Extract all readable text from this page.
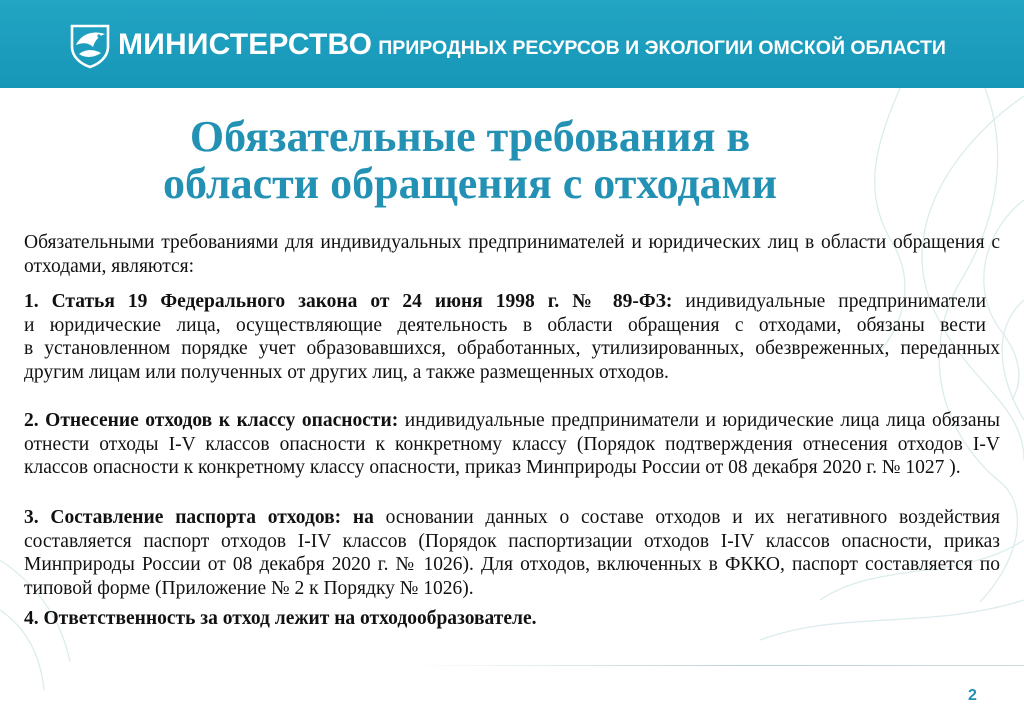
МИНИСТЕРСТВО ПРИРОДНЫХ РЕСУРСОВ И ЭКОЛОГИИ ОМСКОЙ ОБЛАСТИ
Обязательные требования в
области обращения с отходами
Обязательными требованиями для индивидуальных предпринимателей и юридических лиц в области обращения с отходами, являются:
1. Статья 19 Федерального закона от 24 июня 1998 г. № 89-ФЗ: индивидуальные предприниматели
и юридические лица, осуществляющие деятельность в области обращения с отходами, обязаны вести
в установленном порядке учет образовавшихся, обработанных, утилизированных, обезвреженных, переданных другим лицам или полученных от других лиц, а также размещенных отходов.
2. Отнесение отходов к классу опасности: индивидуальные предприниматели и юридические лица лица обязаны отнести отходы I-V классов опасности к конкретному классу (Порядок подтверждения отнесения отходов I-V классов опасности к конкретному классу опасности, приказ Минприроды России от 08 декабря 2020 г. № 1027 ).
3. Составление паспорта отходов: на основании данных о составе отходов и их негативного воздействия составляется паспорт отходов I-IV классов (Порядок паспортизации отходов I-IV классов опасности, приказ Минприроды России от 08 декабря 2020 г. № 1026). Для отходов, включенных в ФККО, паспорт составляется по типовой форме (Приложение № 2 к Порядку № 1026).
4. Ответственность за отход лежит на отходообразователе.
2
